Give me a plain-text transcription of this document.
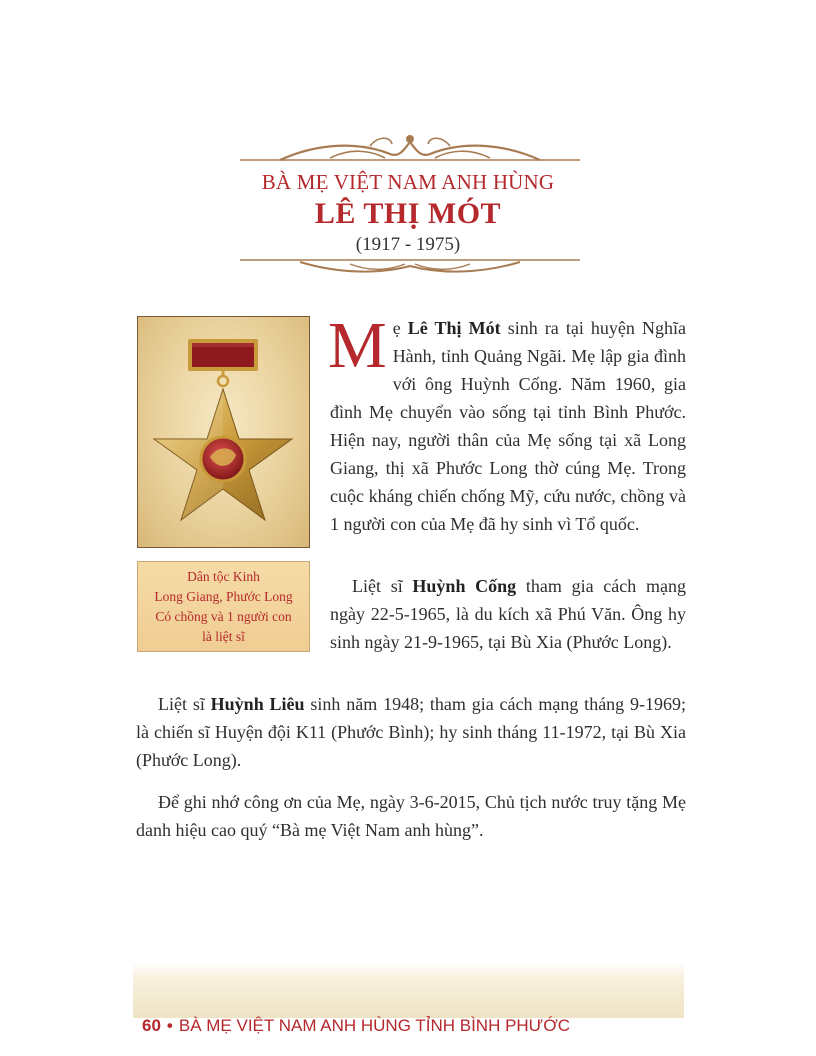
BÀ MẸ VIỆT NAM ANH HÙNG
LÊ THỊ MÓT
(1917 - 1975)
Dân tộc Kinh
Long Giang, Phước Long
Có chồng và 1 người con
là liệt sĩ
Mẹ Lê Thị Mót sinh ra tại huyện Nghĩa Hành, tỉnh Quảng Ngãi. Mẹ lập gia đình với ông Huỳnh Cống. Năm 1960, gia đình Mẹ chuyển vào sống tại tỉnh Bình Phước. Hiện nay, người thân của Mẹ sống tại xã Long Giang, thị xã Phước Long thờ cúng Mẹ. Trong cuộc kháng chiến chống Mỹ, cứu nước, chồng và 1 người con của Mẹ đã hy sinh vì Tổ quốc.
Liệt sĩ Huỳnh Cống tham gia cách mạng ngày 22-5-1965, là du kích xã Phú Văn. Ông hy sinh ngày 21-9-1965, tại Bù Xia (Phước Long).
Liệt sĩ Huỳnh Liêu sinh năm 1948; tham gia cách mạng tháng 9-1969; là chiến sĩ Huyện đội K11 (Phước Bình); hy sinh tháng 11-1972, tại Bù Xia (Phước Long).
Để ghi nhớ công ơn của Mẹ, ngày 3-6-2015, Chủ tịch nước truy tặng Mẹ danh hiệu cao quý “Bà mẹ Việt Nam anh hùng”.
60 • BÀ MẸ VIỆT NAM ANH HÙNG TỈNH BÌNH PHƯỚC
